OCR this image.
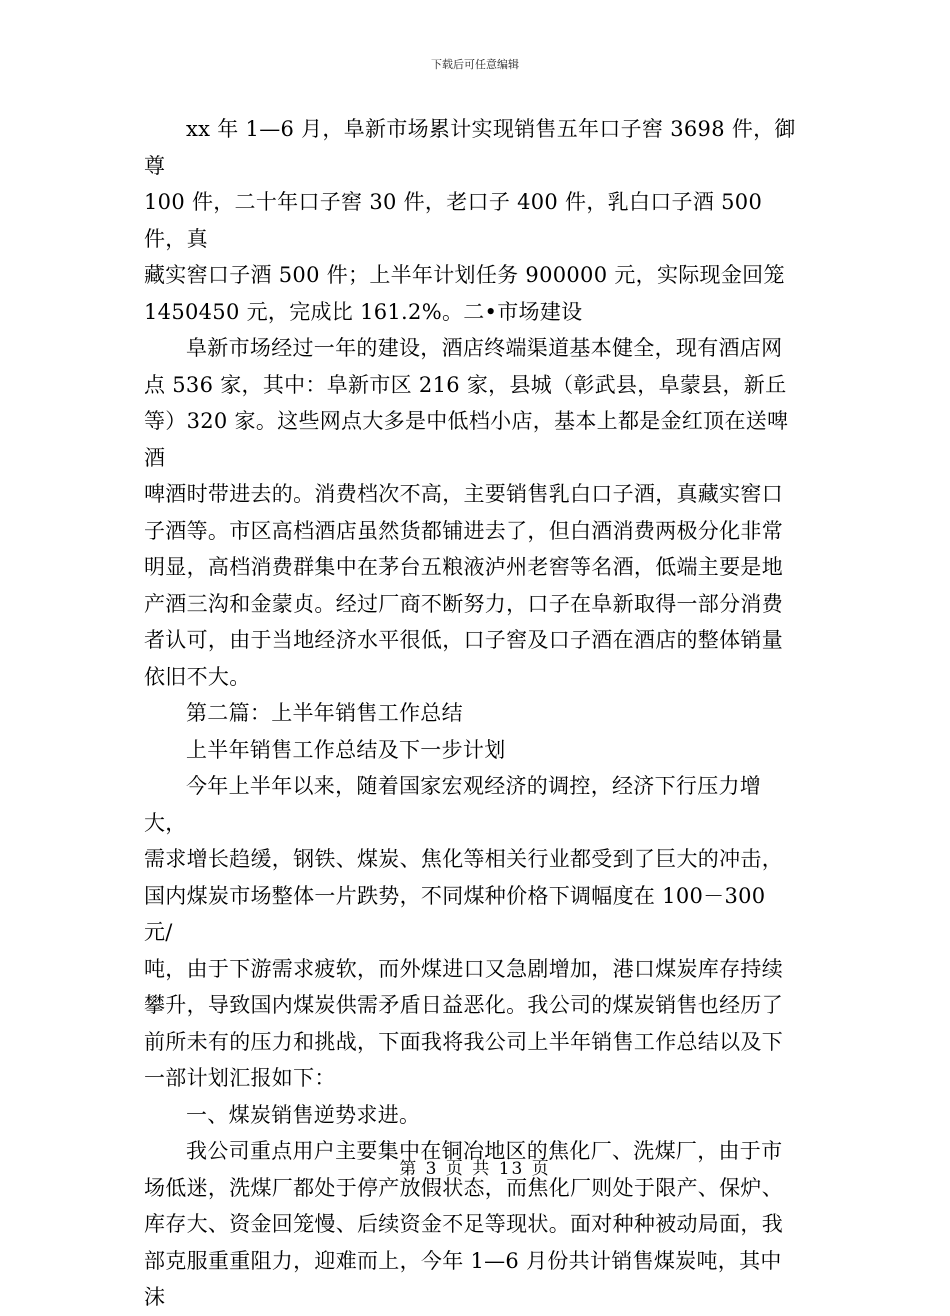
下载后可任意编辑

xx 年 1—6 月，阜新市场累计实现销售五年口子窖 3698 件，御尊
100 件，二十年口子窖 30 件，老口子 400 件，乳白口子酒 500 件，真
藏实窖口子酒 500 件；上半年计划任务 900000 元，实际现金回笼
1450450 元，完成比 161.2%。二•市场建设

阜新市场经过一年的建设，酒店终端渠道基本健全，现有酒店网
点 536 家，其中：阜新市区 216 家，县城（彰武县，阜蒙县，新丘
等）320 家。这些网点大多是中低档小店，基本上都是金红顶在送啤酒
啤酒时带进去的。消费档次不高，主要销售乳白口子酒，真藏实窖口
子酒等。市区高档酒店虽然货都铺进去了，但白酒消费两极分化非常
明显，高档消费群集中在茅台五粮液泸州老窖等名酒，低端主要是地
产酒三沟和金蒙贞。经过厂商不断努力，口子在阜新取得一部分消费
者认可，由于当地经济水平很低，口子窖及口子酒在酒店的整体销量
依旧不大。

第二篇：上半年销售工作总结

上半年销售工作总结及下一步计划

今年上半年以来，随着国家宏观经济的调控，经济下行压力增大，
需求增长趋缓，钢铁、煤炭、焦化等相关行业都受到了巨大的冲击，
国内煤炭市场整体一片跌势，不同煤种价格下调幅度在 100－300 元/
吨，由于下游需求疲软，而外煤进口又急剧增加，港口煤炭库存持续
攀升，导致国内煤炭供需矛盾日益恶化。我公司的煤炭销售也经历了
前所未有的压力和挑战，下面我将我公司上半年销售工作总结以及下
一部计划汇报如下：

一、煤炭销售逆势求进。

我公司重点用户主要集中在铜冶地区的焦化厂、洗煤厂，由于市
场低迷，洗煤厂都处于停产放假状态，而焦化厂则处于限产、保炉、
库存大、资金回笼慢、后续资金不足等现状。面对种种被动局面，我
部克服重重阻力，迎难而上，今年 1—6 月份共计销售煤炭吨，其中沫

第 3 页 共 13 页
